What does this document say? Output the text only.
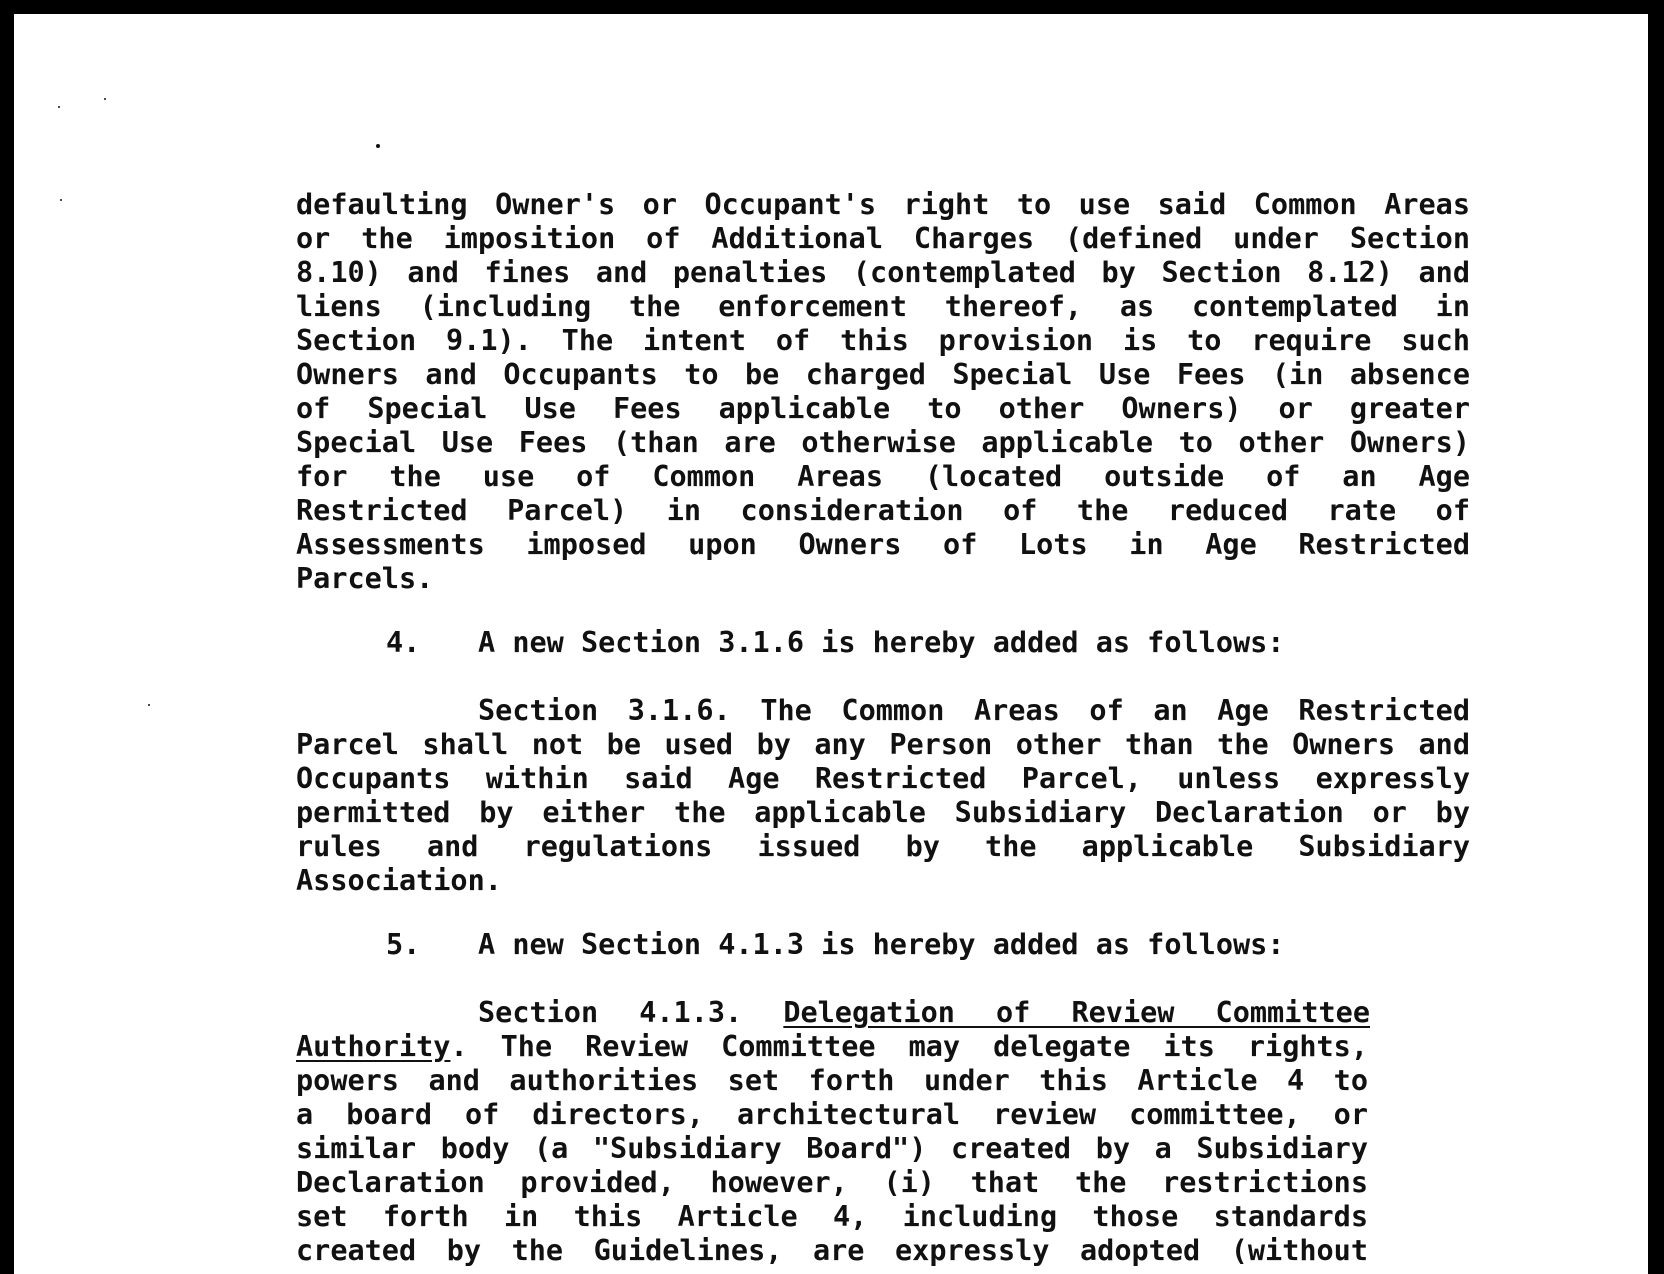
defaulting Owner's or Occupant's right to use said Common Areas

or the imposition of Additional Charges (defined under Section

8.10) and fines and penalties (contemplated by Section 8.12) and

liens (including the enforcement thereof, as contemplated in

Section 9.1). The intent of this provision is to require such

Owners and Occupants to be charged Special Use Fees (in absence

of Special Use Fees applicable to other Owners) or greater

Special Use Fees (than are otherwise applicable to other Owners)

for the use of Common Areas (located outside of an Age

Restricted Parcel) in consideration of the reduced rate of

Assessments imposed upon Owners of Lots in Age Restricted

Parcels.

4. A new Section 3.1.6 is hereby added as follows:

Section 3.1.6. The Common Areas of an Age Restricted

Parcel shall not be used by any Person other than the Owners and

Occupants within said Age Restricted Parcel, unless expressly

permitted by either the applicable Subsidiary Declaration or by

rules and regulations issued by the applicable Subsidiary

Association.

5. A new Section 4.1.3 is hereby added as follows:

Section 4.1.3. Delegation of Review Committee

Authority. The Review Committee may delegate its rights,

powers and authorities set forth under this Article 4 to

a board of directors, architectural review committee, or

similar body (a "Subsidiary Board") created by a Subsidiary

Declaration provided, however, (i) that the restrictions

set forth in this Article 4, including those standards

created by the Guidelines, are expressly adopted (without
